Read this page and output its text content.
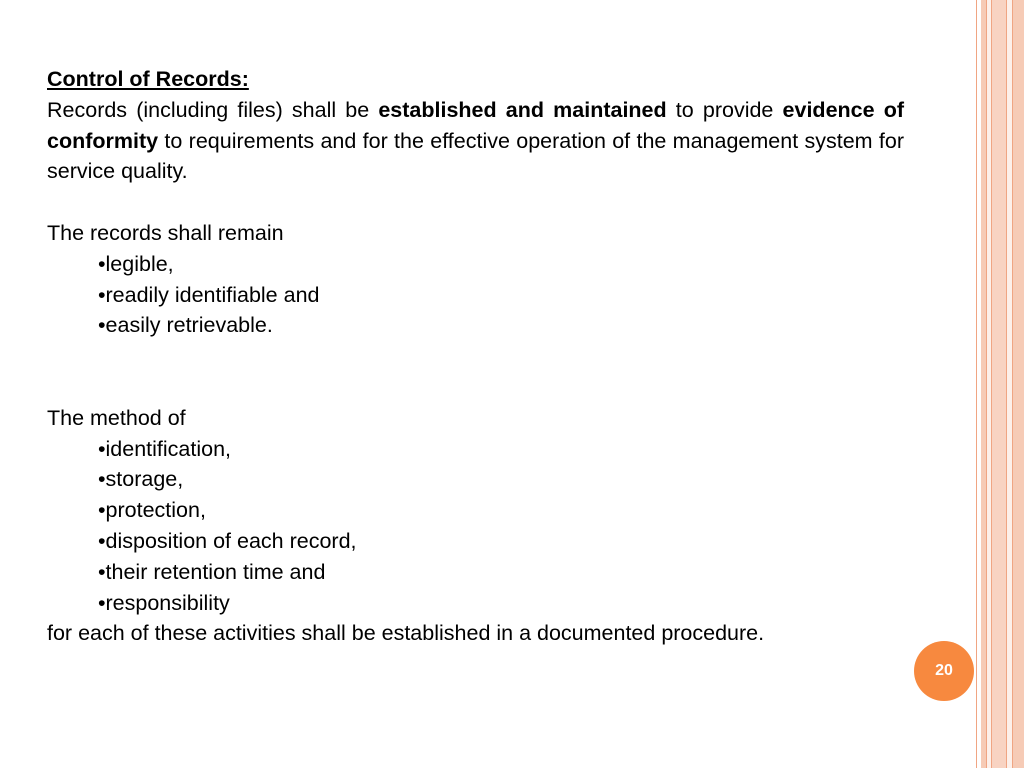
Control of Records:

Records (including files) shall be established and maintained to provide evidence of conformity to requirements and for the effective operation of the management system for service quality.

The records shall remain

•legible,

•readily identifiable and

•easily retrievable.

The method of

•identification,

•storage,

•protection,

•disposition of each record,

•their retention time and

•responsibility

for each of these activities shall be established in a documented procedure.

20
